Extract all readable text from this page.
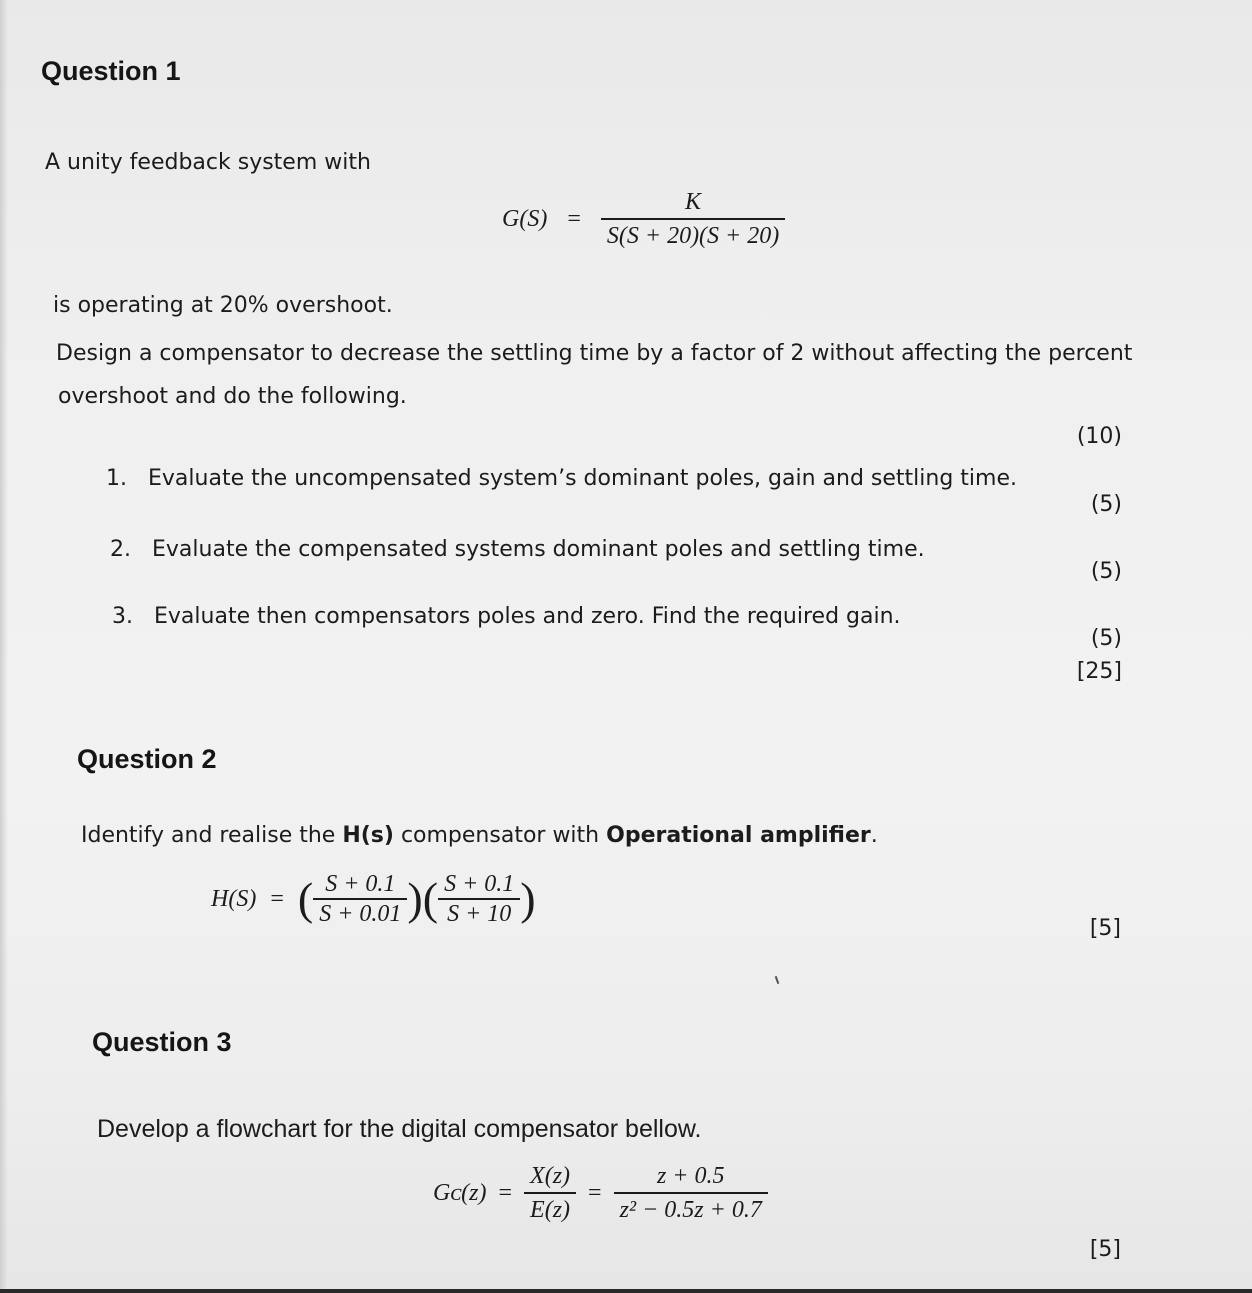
Question 1
A unity feedback system with
$G(S) = \frac{K}{S(S + 20)(S + 20)}$
is operating at 20% overshoot.
Design a compensator to decrease the settling time by a factor of 2 without affecting the percent
overshoot and do the following.
(10)
1. Evaluate the uncompensated system’s dominant poles, gain and settling time.
(5)
2. Evaluate the compensated systems dominant poles and settling time.
(5)
3. Evaluate then compensators poles and zero. Find the required gain.
(5)
[25]
Question 2
Identify and realise the H(s) compensator with Operational amplifier.
H(S) = ( $\frac{S + 0.1}{S + 0.01}$ )( $\frac{S + 0.1}{S + 10}$ )
[5]
Question 3
Develop a flowchart for the digital compensator bellow.
Gᴄ(z) = $\frac{X(z)}{E(z)} = \frac{z + 0.5}{\text{z² − 0.5z + 0.7}}$
[5]
